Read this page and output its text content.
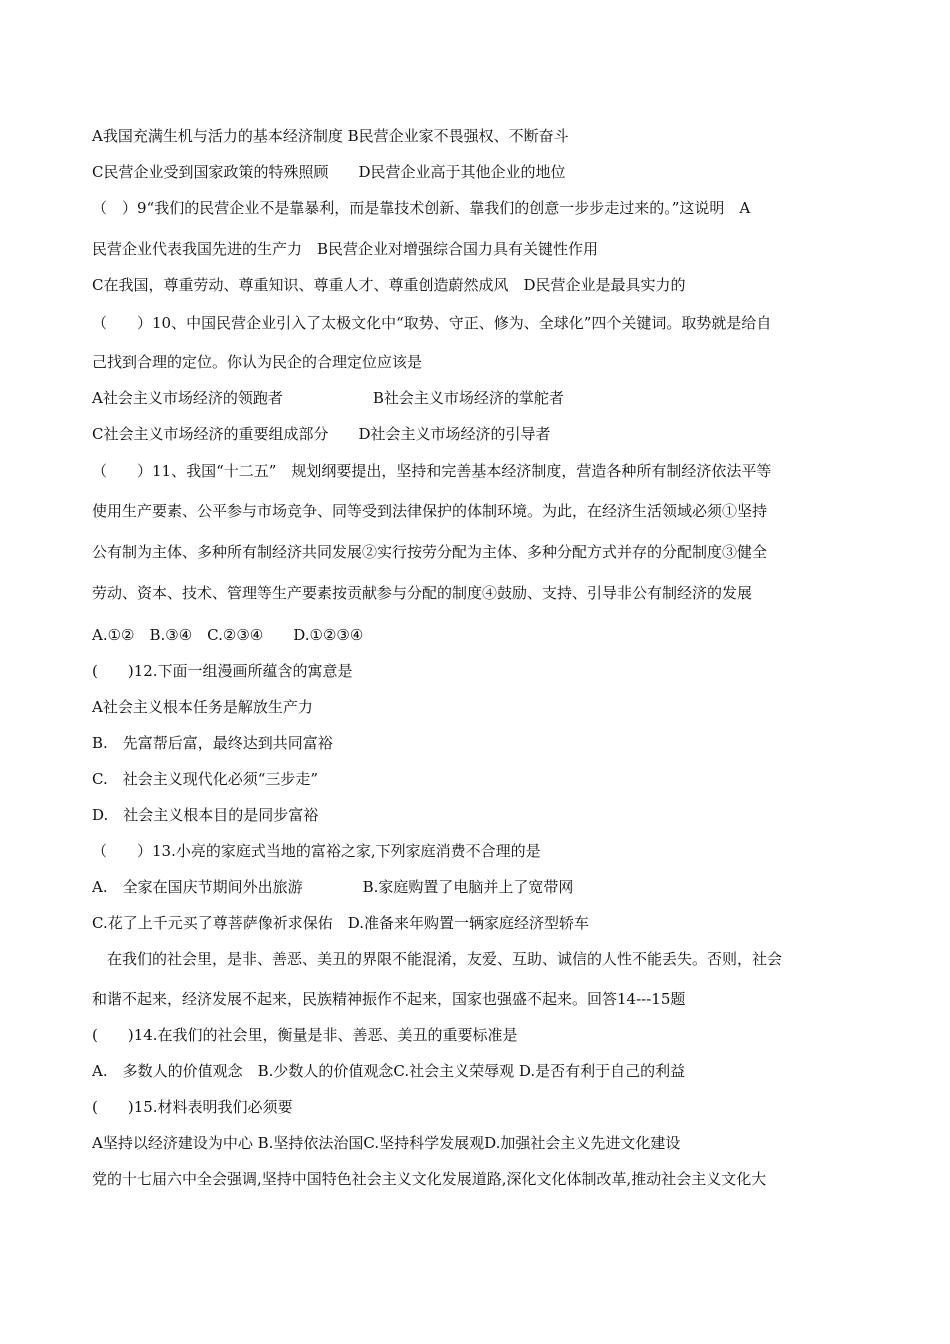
A我国充满生机与活力的基本经济制度 B民营企业家不畏强权、不断奋斗
C民营企业受到国家政策的特殊照顾　　D民营企业高于其他企业的地位
（　）9“我们的民营企业不是靠暴利，而是靠技术创新、靠我们的创意一步步走过来的。”这说明　A
民营企业代表我国先进的生产力　B民营企业对增强综合国力具有关键性作用
C在我国，尊重劳动、尊重知识、尊重人才、尊重创造蔚然成风　D民营企业是最具实力的
（　　）10、中国民营企业引入了太极文化中“取势、守正、修为、全球化”四个关键词。取势就是给自
己找到合理的定位。你认为民企的合理定位应该是
A社会主义市场经济的领跑者　　　　　　B社会主义市场经济的掌舵者
C社会主义市场经济的重要组成部分　　D社会主义市场经济的引导者
（　　）11、我国“十二五”　规划纲要提出，坚持和完善基本经济制度，营造各种所有制经济依法平等
使用生产要素、公平参与市场竞争、同等受到法律保护的体制环境。为此，在经济生活领域必须①坚持
公有制为主体、多种所有制经济共同发展②实行按劳分配为主体、多种分配方式并存的分配制度③健全
劳动、资本、技术、管理等生产要素按贡献参与分配的制度④鼓励、支持、引导非公有制经济的发展
A.①②　B.③④　C.②③④　　D.①②③④
(　　)12.下面一组漫画所蕴含的寓意是
A社会主义根本任务是解放生产力
B.　先富帮后富，最终达到共同富裕
C.　社会主义现代化必须“三步走”
D.　社会主义根本目的是同步富裕
（　　）13.小亮的家庭式当地的富裕之家,下列家庭消费不合理的是
A.　全家在国庆节期间外出旅游　　　　B.家庭购置了电脑并上了宽带网
C.花了上千元买了尊菩萨像祈求保佑　D.准备来年购置一辆家庭经济型轿车
　在我们的社会里，是非、善恶、美丑的界限不能混淆，友爱、互助、诚信的人性不能丢失。否则，社会
和谐不起来，经济发展不起来，民族精神振作不起来，国家也强盛不起来。回答14---15题
(　　)14.在我们的社会里，衡量是非、善恶、美丑的重要标准是
A.　多数人的价值观念　B.少数人的价值观念C.社会主义荣辱观 D.是否有利于自己的利益
(　　)15.材料表明我们必须要
A坚持以经济建设为中心 B.坚持依法治国C.坚持科学发展观D.加强社会主义先进文化建设
党的十七届六中全会强调,坚持中国特色社会主义文化发展道路,深化文化体制改革,推动社会主义文化大
